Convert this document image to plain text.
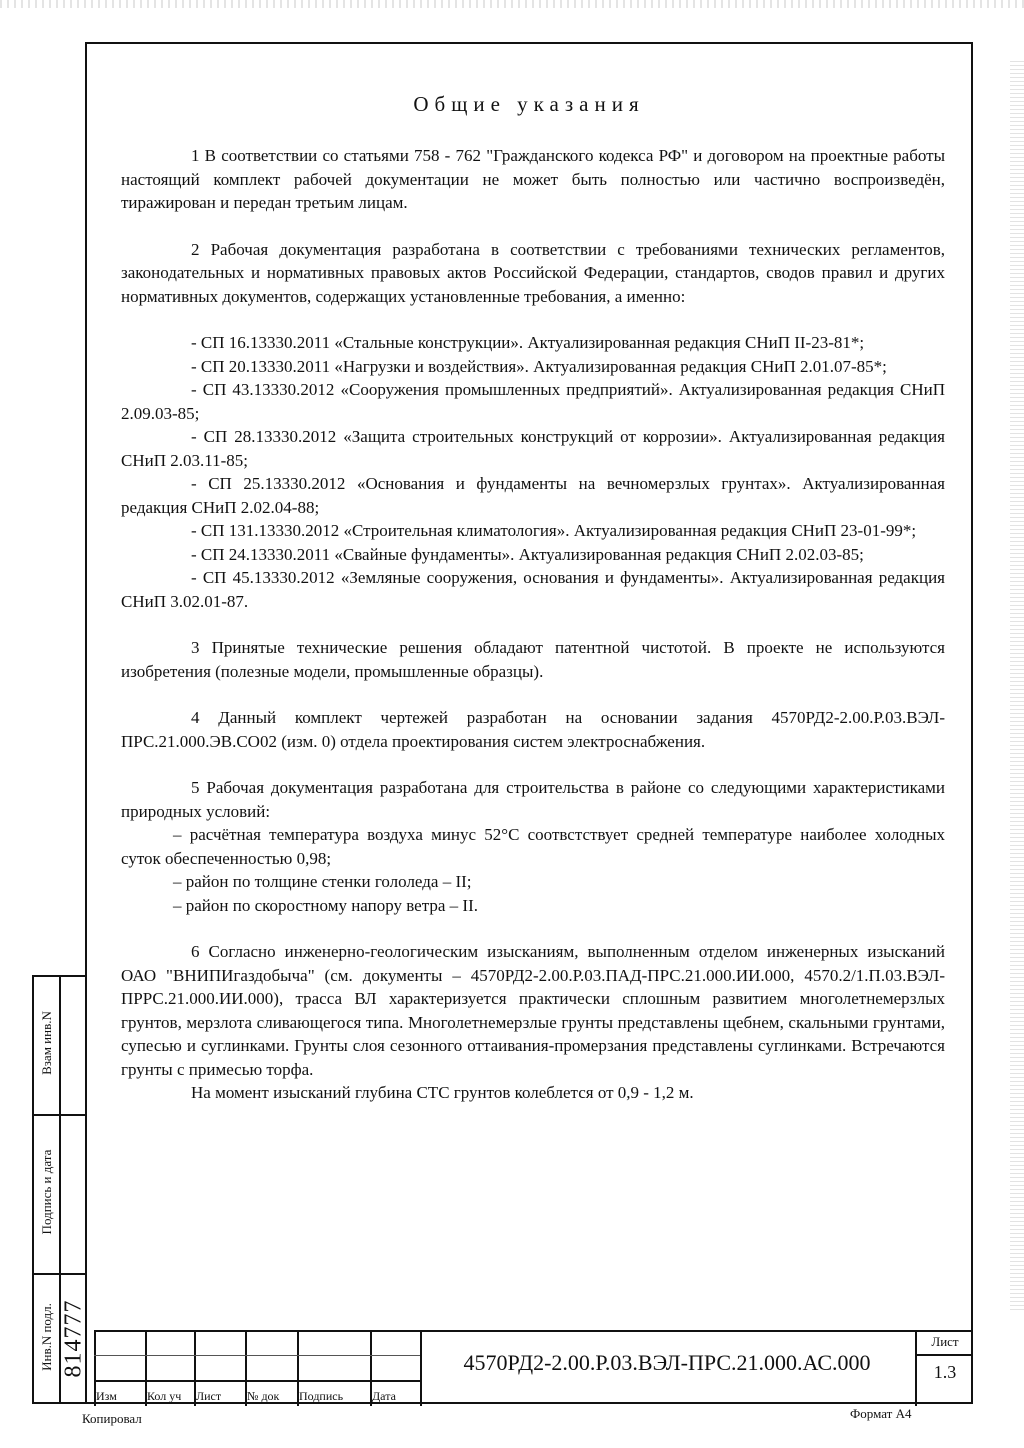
Общие указания

1 В соответствии со статьями 758 - 762 "Гражданского кодекса РФ" и договором на проектные работы настоящий комплект рабочей документации не может быть полностью или частично воспроизведён, тиражирован и передан третьим лицам.

2 Рабочая документация разработана в соответствии с требованиями технических регламентов, законодательных и нормативных правовых актов Российской Федерации, стандартов, сводов правил и других нормативных документов, содержащих установленные требования, а именно:

- СП 16.13330.2011 «Стальные конструкции». Актуализированная редакция СНиП II-23-81*;

- СП 20.13330.2011 «Нагрузки и воздействия». Актуализированная редакция СНиП 2.01.07-85*;

- СП 43.13330.2012 «Сооружения промышленных предприятий». Актуализированная редакция СНиП 2.09.03-85;

- СП 28.13330.2012 «Защита строительных конструкций от коррозии». Актуализированная редакция СНиП 2.03.11-85;

- СП 25.13330.2012 «Основания и фундаменты на вечномерзлых грунтах». Актуализированная редакция СНиП 2.02.04-88;

- СП 131.13330.2012 «Строительная климатология». Актуализированная редакция СНиП 23-01-99*;

- СП 24.13330.2011 «Свайные фундаменты». Актуализированная редакция СНиП 2.02.03-85;

- СП 45.13330.2012 «Земляные сооружения, основания и фундаменты». Актуализированная редакция СНиП 3.02.01-87.

3 Принятые технические решения обладают патентной чистотой. В проекте не используются изобретения (полезные модели, промышленные образцы).

4 Данный комплект чертежей разработан на основании задания 4570РД2-2.00.Р.03.ВЭЛ-ПРС.21.000.ЭВ.СО02 (изм. 0) отдела проектирования систем электроснабжения.

5 Рабочая документация разработана для строительства в районе со следующими характеристиками природных условий:

– расчётная температура воздуха минус 52°С соотвстствует средней температуре наиболее холодных суток обеспеченностью 0,98;

– район по толщине стенки гололеда – II;

– район по скоростному напору ветра – II.

6 Согласно инженерно-геологическим изысканиям, выполненным отделом инженерных изысканий ОАО "ВНИПИгаздобыча" (см. документы – 4570РД2-2.00.Р.03.ПАД-ПРС.21.000.ИИ.000, 4570.2/1.П.03.ВЭЛ-ПРРС.21.000.ИИ.000), трасса ВЛ характеризуется практически сплошным развитием многолетнемерзлых грунтов, мерзлота сливающегося типа. Многолетнемерзлые грунты представлены щебнем, скальными грунтами, супесью и суглинками. Грунты слоя сезонного оттаивания-промерзания представлены суглинками. Встречаются грунты с примесью торфа.

На момент изысканий глубина СТС грунтов колеблется от 0,9 - 1,2 м.

Взам инв.N
Подпись и дата
Инв.N подл. 814777
Изм	Кол уч Лист № док Подпись Дата
4570РД2-2.00.Р.03.ВЭЛ-ПРС.21.000.АС.000
Лист
1.3
Копировал	Формат А4
